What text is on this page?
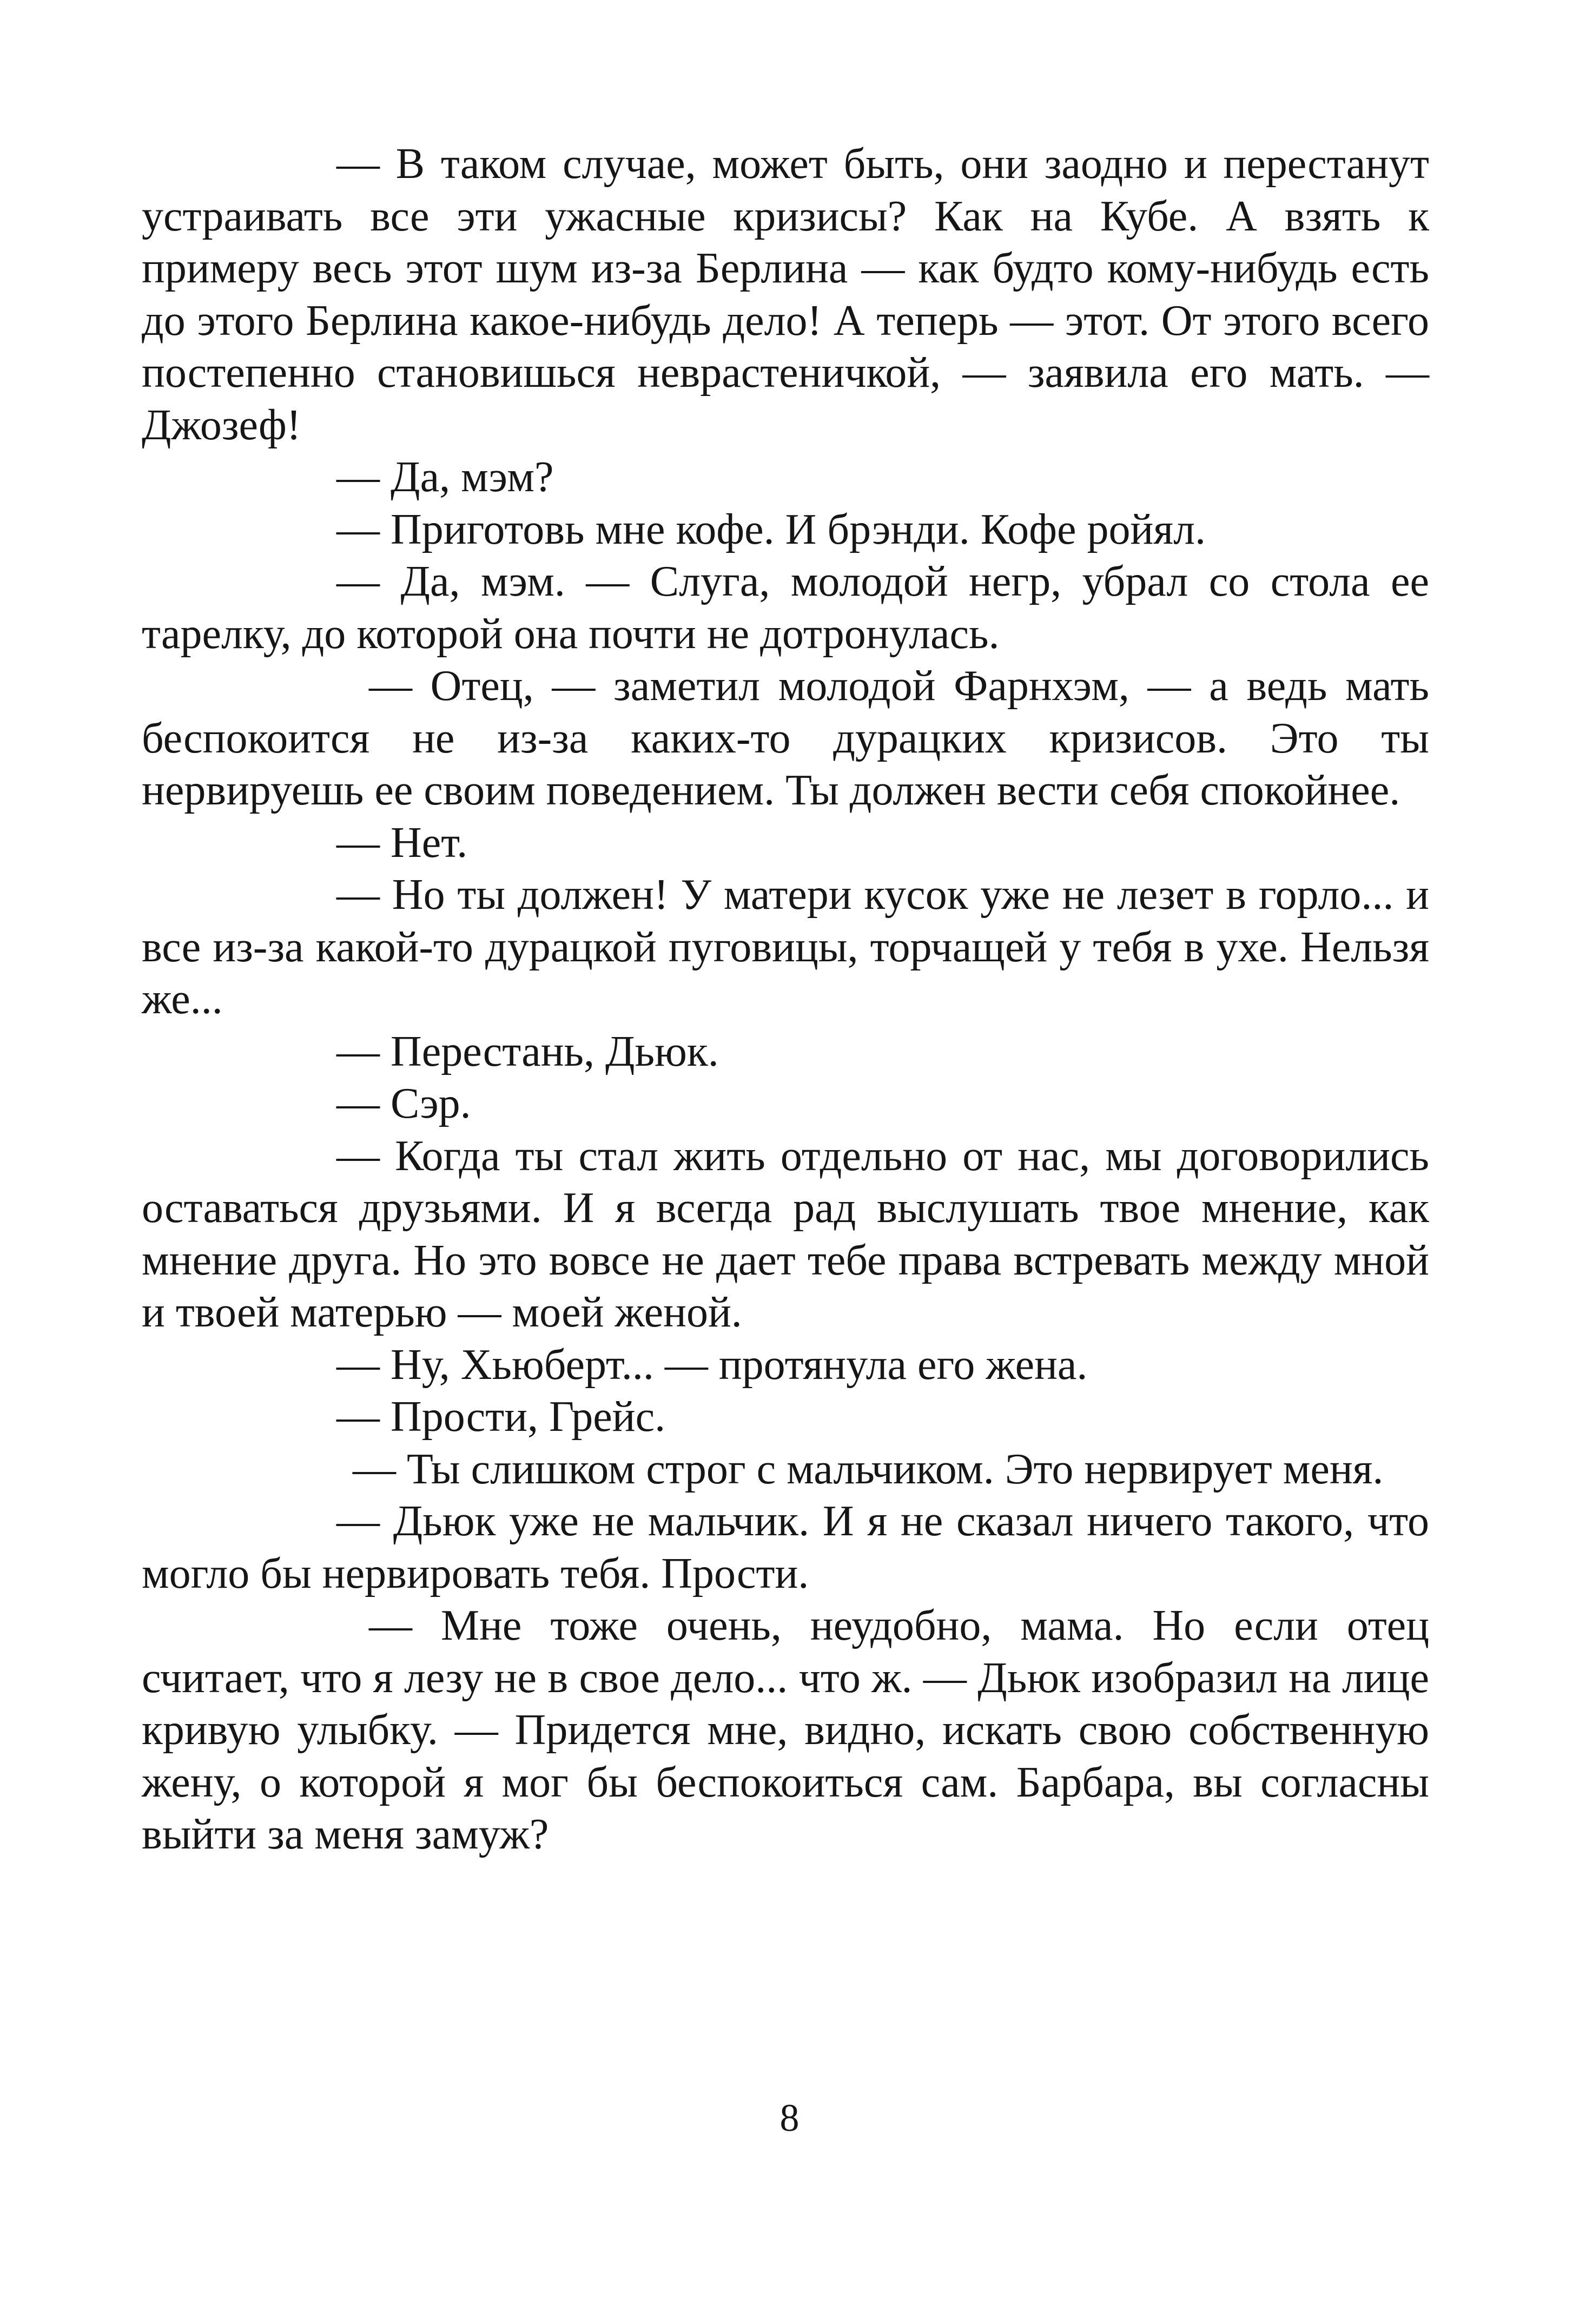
— В таком случае, может быть, они заодно и перестанут устраивать все эти ужасные кризисы? Как на Кубе. А взять к примеру весь этот шум из-за Берлина — как будто кому-нибудь есть до этого Берлина какое-нибудь дело! А теперь — этот. От этого всего постепенно становишься неврастеничкой, — заявила его мать. — Джозеф!

— Да, мэм?

— Приготовь мне кофе. И брэнди. Кофе ройял.

— Да, мэм. — Слуга, молодой негр, убрал со стола ее тарелку, до которой она почти не дотронулась.

— Отец, — заметил молодой Фарнхэм, — а ведь мать беспокоится не из-за каких-то дурацких кризисов. Это ты нервируешь ее своим поведением. Ты должен вести себя спокойнее.

— Нет.

— Но ты должен! У матери кусок уже не лезет в горло... и все из-за какой-то дурацкой пуговицы, торчащей у тебя в ухе. Нельзя же...

— Перестань, Дьюк.

— Сэр.

— Когда ты стал жить отдельно от нас, мы договорились оставаться друзьями. И я всегда рад выслушать твое мнение, как мнение друга. Но это вовсе не дает тебе права встревать между мной и твоей матерью — моей женой.

— Ну, Хьюберт... — протянула его жена.

— Прости, Грейс.

— Ты слишком строг с мальчиком. Это нервирует меня.

— Дьюк уже не мальчик. И я не сказал ничего такого, что могло бы нервировать тебя. Прости.

— Мне тоже очень, неудобно, мама. Но если отец считает, что я лезу не в свое дело... что ж. — Дьюк изобразил на лице кривую улыбку. — Придется мне, видно, искать свою собственную жену, о которой я мог бы беспокоиться сам. Барбара, вы согласны выйти за меня замуж?

8
